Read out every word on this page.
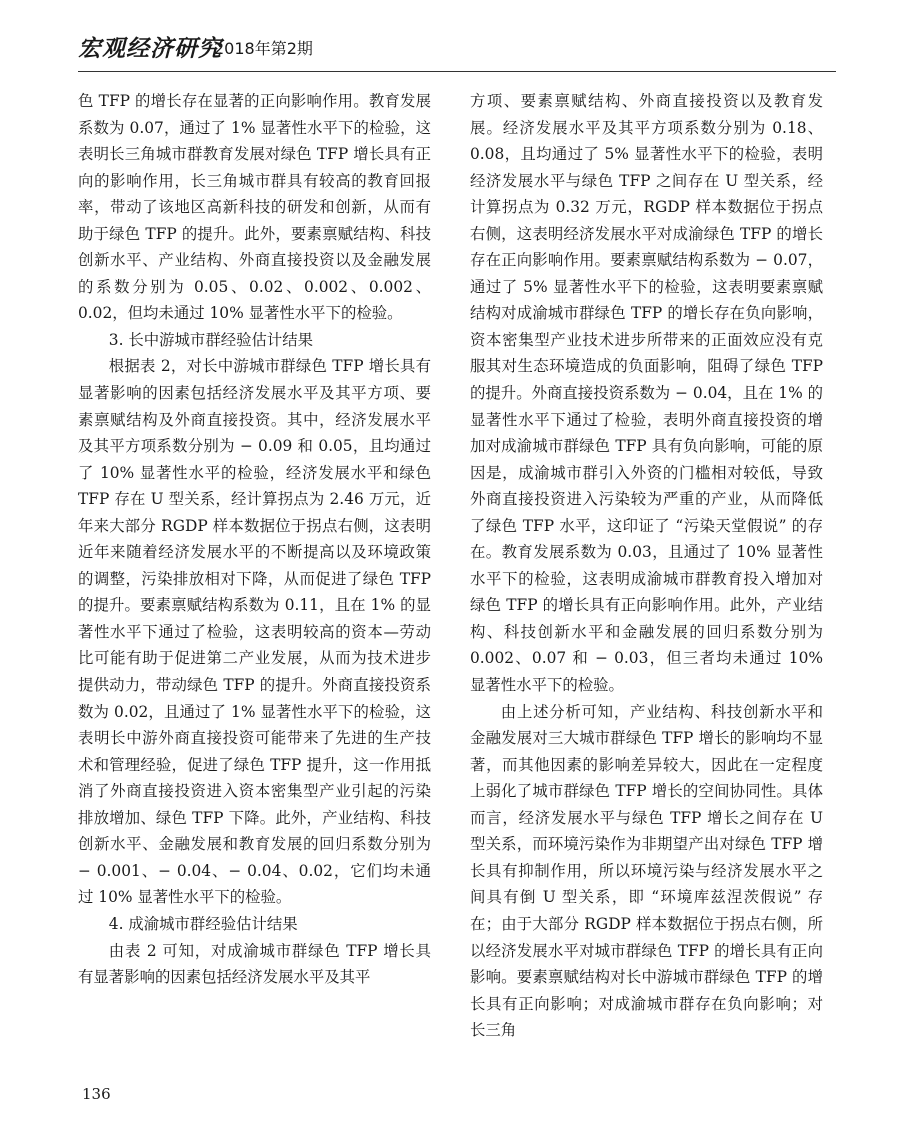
宏观经济研究
2018年第2期

色 TFP 的增长存在显著的正向影响作用。教育发展系数为 0.07，通过了 1% 显著性水平下的检验，这表明长三角城市群教育发展对绿色 TFP 增长具有正向的影响作用，长三角城市群具有较高的教育回报率，带动了该地区高新科技的研发和创新，从而有助于绿色 TFP 的提升。此外，要素禀赋结构、科技创新水平、产业结构、外商直接投资以及金融发展的系数分别为 0.05、0.02、0.002、0.002、0.02，但均未通过 10% 显著性水平下的检验。

3. 长中游城市群经验估计结果

根据表 2，对长中游城市群绿色 TFP 增长具有显著影响的因素包括经济发展水平及其平方项、要素禀赋结构及外商直接投资。其中，经济发展水平及其平方项系数分别为 − 0.09 和 0.05，且均通过了 10% 显著性水平的检验，经济发展水平和绿色 TFP 存在 U 型关系，经计算拐点为 2.46 万元，近年来大部分 RGDP 样本数据位于拐点右侧，这表明近年来随着经济发展水平的不断提高以及环境政策的调整，污染排放相对下降，从而促进了绿色 TFP 的提升。要素禀赋结构系数为 0.11，且在 1% 的显著性水平下通过了检验，这表明较高的资本—劳动比可能有助于促进第二产业发展，从而为技术进步提供动力，带动绿色 TFP 的提升。外商直接投资系数为 0.02，且通过了 1% 显著性水平下的检验，这表明长中游外商直接投资可能带来了先进的生产技术和管理经验，促进了绿色 TFP 提升，这一作用抵消了外商直接投资进入资本密集型产业引起的污染排放增加、绿色 TFP 下降。此外，产业结构、科技创新水平、金融发展和教育发展的回归系数分别为 − 0.001、− 0.04、− 0.04、0.02，它们均未通过 10% 显著性水平下的检验。

4. 成渝城市群经验估计结果

由表 2 可知，对成渝城市群绿色 TFP 增长具有显著影响的因素包括经济发展水平及其平

方项、要素禀赋结构、外商直接投资以及教育发展。经济发展水平及其平方项系数分别为 0.18、0.08，且均通过了 5% 显著性水平下的检验，表明经济发展水平与绿色 TFP 之间存在 U 型关系，经计算拐点为 0.32 万元，RGDP 样本数据位于拐点右侧，这表明经济发展水平对成渝绿色 TFP 的增长存在正向影响作用。要素禀赋结构系数为 − 0.07，通过了 5% 显著性水平下的检验，这表明要素禀赋结构对成渝城市群绿色 TFP 的增长存在负向影响，资本密集型产业技术进步所带来的正面效应没有克服其对生态环境造成的负面影响，阻碍了绿色 TFP 的提升。外商直接投资系数为 − 0.04，且在 1% 的显著性水平下通过了检验，表明外商直接投资的增加对成渝城市群绿色 TFP 具有负向影响，可能的原因是，成渝城市群引入外资的门槛相对较低，导致外商直接投资进入污染较为严重的产业，从而降低了绿色 TFP 水平，这印证了 “污染天堂假说” 的存在。教育发展系数为 0.03，且通过了 10% 显著性水平下的检验，这表明成渝城市群教育投入增加对绿色 TFP 的增长具有正向影响作用。此外，产业结构、科技创新水平和金融发展的回归系数分别为 0.002、0.07 和 − 0.03，但三者均未通过 10% 显著性水平下的检验。

由上述分析可知，产业结构、科技创新水平和金融发展对三大城市群绿色 TFP 增长的影响均不显著，而其他因素的影响差异较大，因此在一定程度上弱化了城市群绿色 TFP 增长的空间协同性。具体而言，经济发展水平与绿色 TFP 增长之间存在 U 型关系，而环境污染作为非期望产出对绿色 TFP 增长具有抑制作用，所以环境污染与经济发展水平之间具有倒 U 型关系，即 “环境库兹涅茨假说” 存在；由于大部分 RGDP 样本数据位于拐点右侧，所以经济发展水平对城市群绿色 TFP 的增长具有正向影响。要素禀赋结构对长中游城市群绿色 TFP 的增长具有正向影响；对成渝城市群存在负向影响；对长三角

136
